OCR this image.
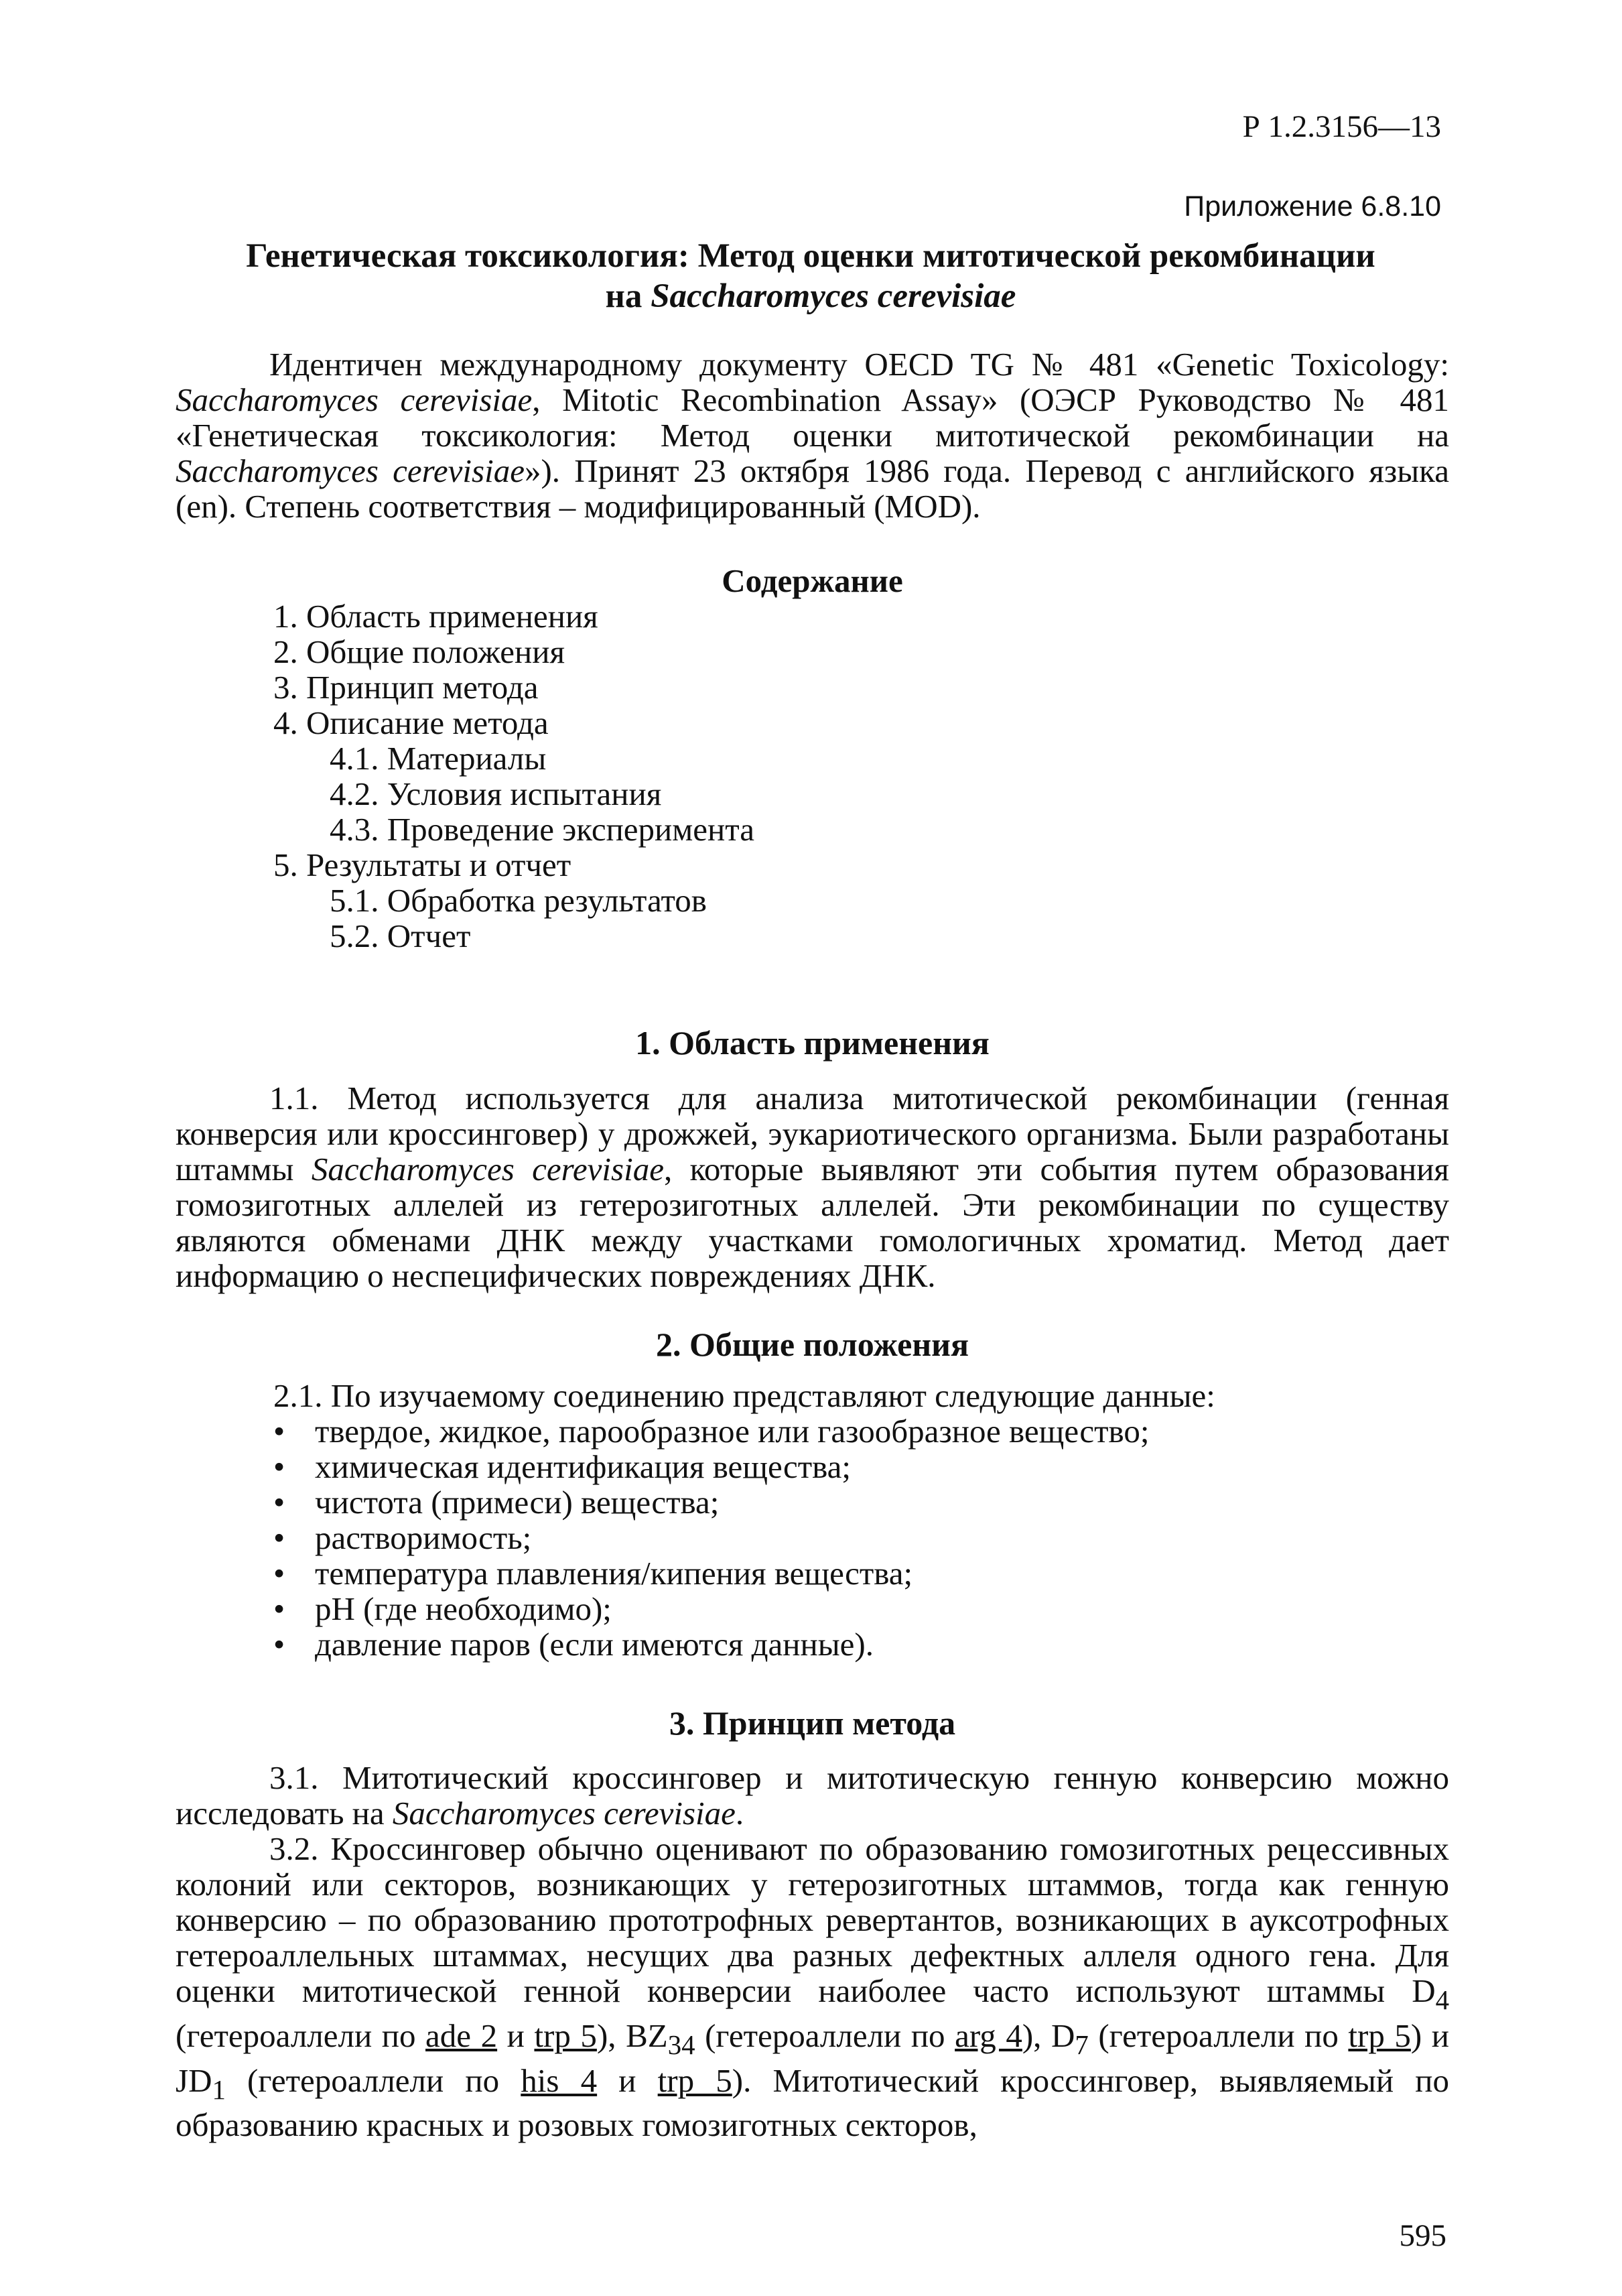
Р 1.2.3156—13
Приложение 6.8.10
Генетическая токсикология: Метод оценки митотической рекомбинации
на Saccharomyces cerevisiae

Идентичен международному документу OECD TG № 481 «Genetic Toxicology: Saccharomyces cerevisiae, Mitotic Recombination Assay» (ОЭСР Руководство № 481 «Генетическая токсикология: Метод оценки митотической рекомбинации на Saccharomyces cerevisiae»). Принят 23 октября 1986 года. Перевод с английского языка (en). Степень соответствия – модифицированный (MOD).

Содержание
1. Область применения
2. Общие положения
3. Принцип метода
4. Описание метода
4.1. Материалы
4.2. Условия испытания
4.3. Проведение эксперимента
5. Результаты и отчет
5.1. Обработка результатов
5.2. Отчет
1. Область применения

1.1. Метод используется для анализа митотической рекомбинации (генная конверсия или кроссинговер) у дрожжей, эукариотического организма. Были разработаны штаммы Saccharomyces cerevisiae, которые выявляют эти события путем образования гомозиготных аллелей из гетерозиготных аллелей. Эти рекомбинации по существу являются обменами ДНК между участками гомологичных хроматид. Метод дает информацию о неспецифических повреждениях ДНК.

2. Общие положения

2.1. По изучаемому соединению представляют следующие данные:

• твердое, жидкое, парообразное или газообразное вещество;
• химическая идентификация вещества;
• чистота (примеси) вещества;
• растворимость;
• температура плавления/кипения вещества;
• pH (где необходимо);
• давление паров (если имеются данные).
3. Принцип метода

3.1. Митотический кроссинговер и митотическую генную конверсию можно исследовать на Saccharomyces cerevisiae.

3.2. Кроссинговер обычно оценивают по образованию гомозиготных рецессивных колоний или секторов, возникающих у гетерозиготных штаммов, тогда как генную конверсию – по образованию прототрофных ревертантов, возникающих в ауксотрофных гетероаллельных штаммах, несущих два разных дефектных аллеля одного гена. Для оценки митотической генной конверсии наиболее часто используют штаммы $D_4$ (гетероаллели по ade 2 и trp 5), $BZ_{34}$ (гетероаллели по arg 4), $D_7$ (гетероаллели по trp 5) и $JD_1$ (гетероаллели по his 4 и trp 5). Митотический кроссинговер, выявляемый по образованию красных и розовых гомозиготных секторов,

595
